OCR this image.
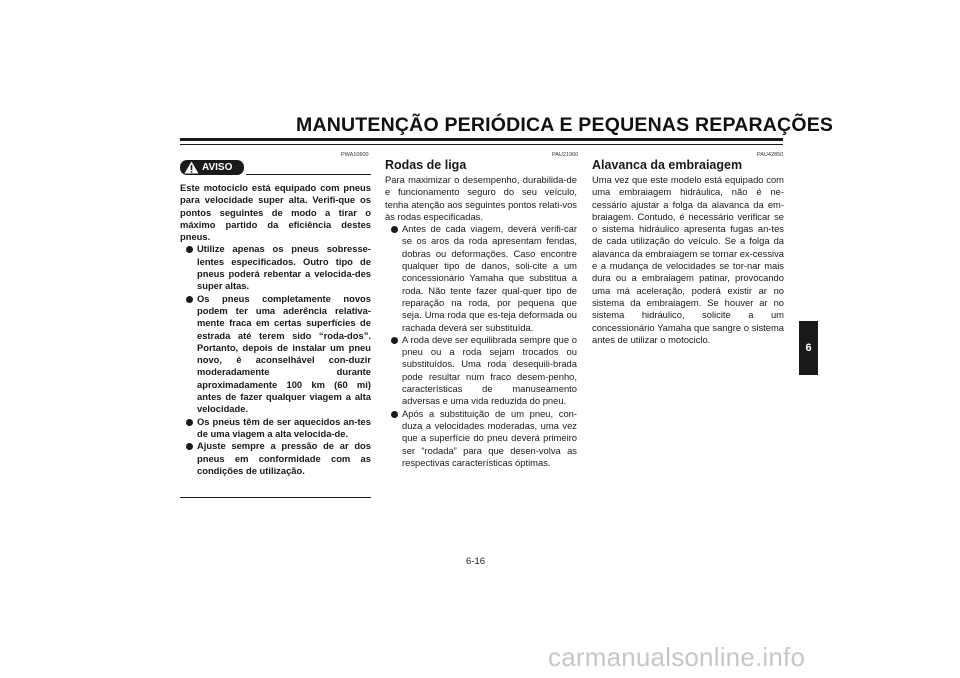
MANUTENÇÃO PERIÓDICA E PEQUENAS REPARAÇÕES
PWA10600
AVISO

Este motociclo está equipado com pneus para velocidade super alta. Verifi-que os pontos seguintes de modo a tirar o máximo partido da eficiência destes pneus.

Utilize apenas os pneus sobresse-lentes especificados. Outro tipo de pneus poderá rebentar a velocida-des super altas.
Os pneus completamente novos podem ter uma aderência relativa-mente fraca em certas superfícies de estrada até terem sido “roda-dos”. Portanto, depois de instalar um pneu novo, é aconselhável con-duzir moderadamente durante aproximadamente 100 km (60 mi) antes de fazer qualquer viagem a alta velocidade.
Os pneus têm de ser aquecidos an-tes de uma viagem a alta velocida-de.
Ajuste sempre a pressão de ar dos pneus em conformidade com as condições de utilização.
PAU21960
Rodas de liga

Para maximizar o desempenho, durabilida-de e funcionamento seguro do seu veículo, tenha atenção aos seguintes pontos relati-vos às rodas especificadas.

Antes de cada viagem, deverá verifi-car se os aros da roda apresentam fendas, dobras ou deformações. Caso encontre qualquer tipo de danos, soli-cite a um concessionário Yamaha que substitua a roda. Não tente fazer qual-quer tipo de reparação na roda, por pequena que seja. Uma roda que es-teja deformada ou rachada deverá ser substituída.
A roda deve ser equilibrada sempre que o pneu ou a roda sejam trocados ou substituídos. Uma roda desequili-brada pode resultar num fraco desem-penho, características de manuseamento adversas e uma vida reduzida do pneu.
Após a substituição de um pneu, con-duza a velocidades moderadas, uma vez que a superfície do pneu deverá primeiro ser “rodada” para que desen-volva as respectivas características óptimas.
PAU42850
Alavanca da embraiagem

Uma vez que este modelo está equipado com uma embraiagem hidráulica, não é ne-cessário ajustar a folga da alavanca da em-braiagem. Contudo, é necessário verificar se o sistema hidráulico apresenta fugas an-tes de cada utilização do veículo. Se a folga da alavanca da embraiagem se tornar ex-cessiva e a mudança de velocidades se tor-nar mais dura ou a embraiagem patinar, provocando uma má aceleração, poderá existir ar no sistema da embraiagem. Se houver ar no sistema hidráulico, solicite a um concessionário Yamaha que sangre o sistema antes de utilizar o motociclo.

6
6-16
carmanualsonline.info
